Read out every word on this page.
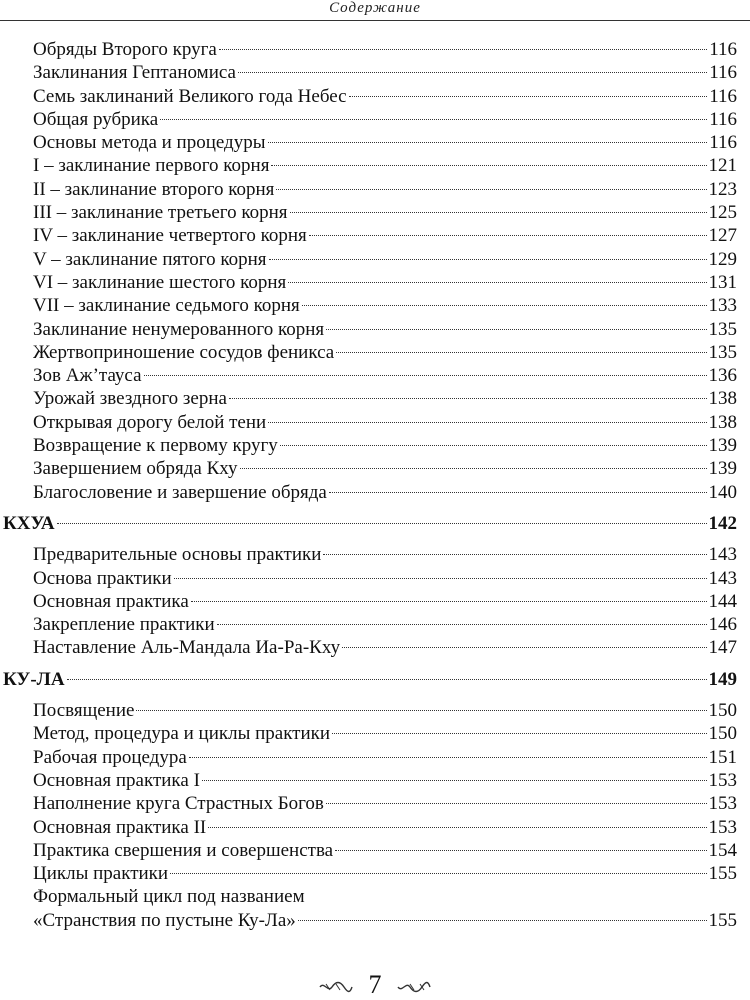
Содержание
Обряды Второго круга	116
Заклинания Гептаномиса	116
Семь заклинаний Великого года Небес	116
Общая рубрика	116
Основы метода и процедуры	116
I – заклинание первого корня	121
II – заклинание второго корня	123
III – заклинание третьего корня	125
IV – заклинание четвертого корня	127
V – заклинание пятого корня	129
VI – заклинание шестого корня	131
VII – заклинание седьмого корня	133
Заклинание ненумерованного корня	135
Жертвоприношение сосудов феникса	135
Зов Аж’тауса	136
Урожай звездного зерна	138
Открывая дорогу белой тени	138
Возвращение к первому кругу	139
Завершением обряда Кху	139
Благословение и завершение обряда	140
КХУА	142
Предварительные основы практики	143
Основа практики	143
Основная практика	144
Закрепление практики	146
Наставление Аль-Мандала Иа-Ра-Кху	147
КУ-ЛА	149
Посвящение	150
Метод, процедура и циклы практики	150
Рабочая процедура	151
Основная практика I	153
Наполнение круга Страстных Богов	153
Основная практика II	153
Практика свершения и совершенства	154
Циклы практики	155
Формальный цикл под названием
«Странствия по пустыне Ку-Ла»	155
7
